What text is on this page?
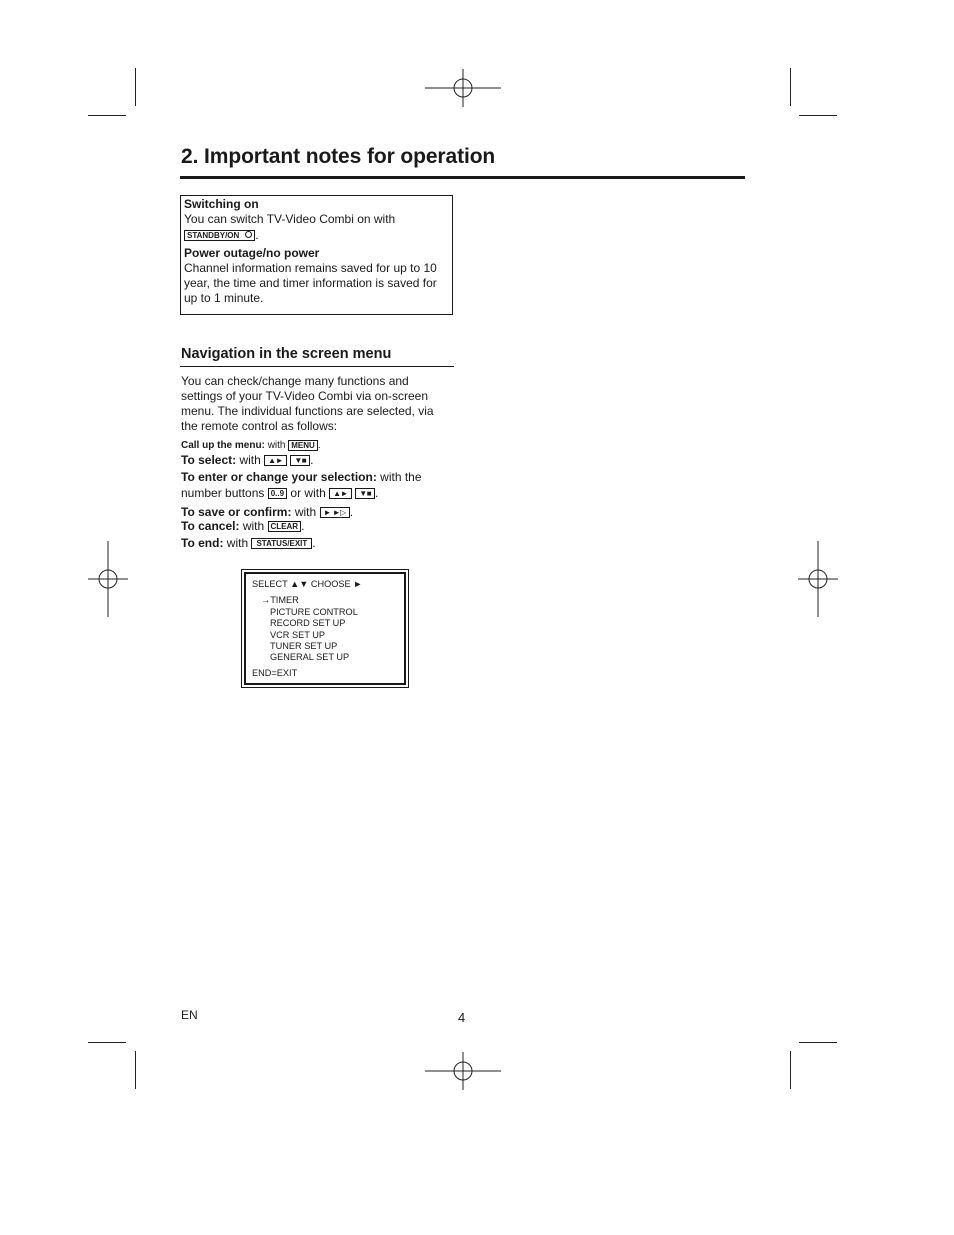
2. Important notes for operation
Switching on
You can switch TV-Video Combi on with
STANDBY/ON .
Power outage/no power
Channel information remains saved for up to 10 year, the time and timer information is saved for up to 1 minute.
Navigation in the screen menu
You can check/change many functions and settings of your TV-Video Combi via on-screen menu. The individual functions are selected, via the remote control as follows:
Call up the menu: with MENU .
To select: with ▲► ▼■ .
To enter or change your selection: with the
number buttons 0..9 or with ▲► ▼■ .
To save or confirm: with ► ►▷ .
To cancel: with CLEAR .
To end: with STATUS/EXIT .
SELECT ▲▼ CHOOSE ►
→TIMER
PICTURE CONTROL
RECORD SET UP
VCR SET UP
TUNER SET UP
GENERAL SET UP
END=EXIT
EN	4
